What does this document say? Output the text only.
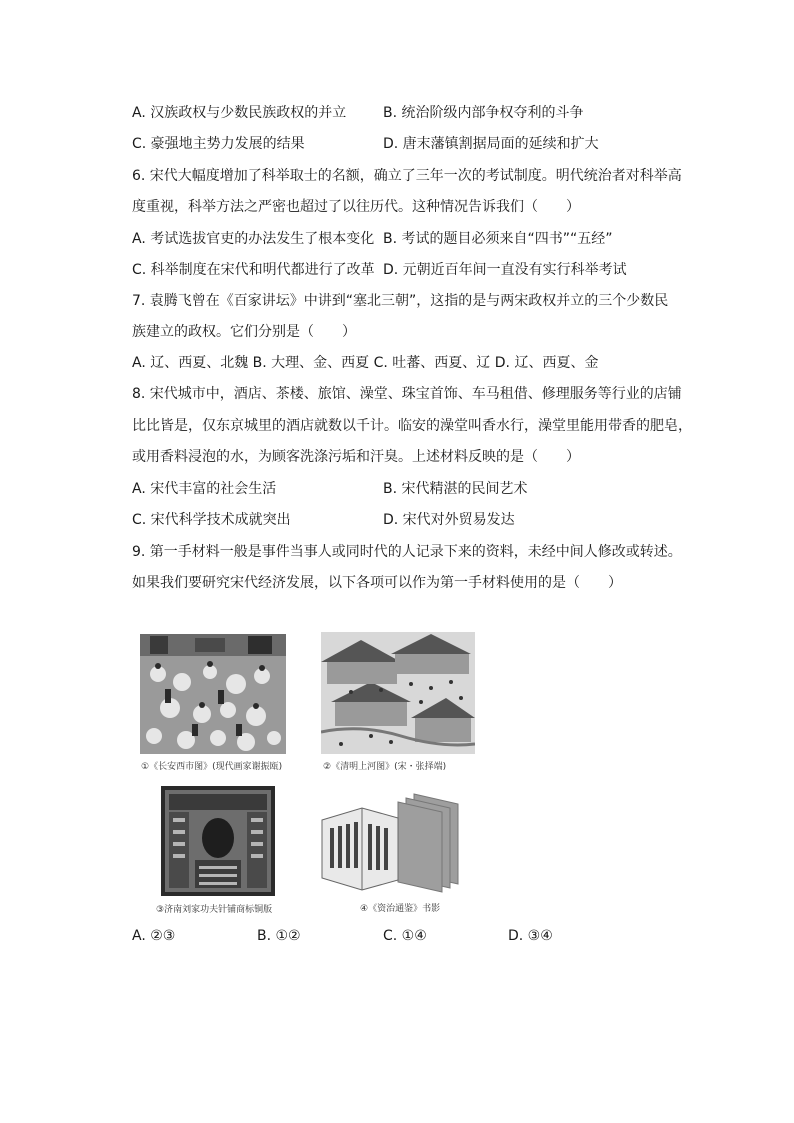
A. 汉族政权与少数民族政权的并立	B. 统治阶级内部争权夺利的斗争
C. 豪强地主势力发展的结果	D. 唐末藩镇割据局面的延续和扩大
6. 宋代大幅度增加了科举取士的名额，确立了三年一次的考试制度。明代统治者对科举高
度重视，科举方法之严密也超过了以往历代。这种情况告诉我们（　　）
A. 考试选拔官吏的办法发生了根本变化 B. 考试的题目必须来自“四书”“五经”
C. 科举制度在宋代和明代都进行了改革 D. 元朝近百年间一直没有实行科举考试
7. 袁腾飞曾在《百家讲坛》中讲到“塞北三朝”，这指的是与两宋政权并立的三个少数民
族建立的政权。它们分别是（　　）
A. 辽、西夏、北魏 B. 大理、金、西夏 C. 吐蕃、西夏、辽 D. 辽、西夏、金
8. 宋代城市中，酒店、茶楼、旅馆、澡堂、珠宝首饰、车马租借、修理服务等行业的店铺
比比皆是，仅东京城里的酒店就数以千计。临安的澡堂叫香水行，澡堂里能用带香的肥皂，
或用香料浸泡的水，为顾客洗涤污垢和汗臭。上述材料反映的是（　　）
A. 宋代丰富的社会生活	B. 宋代精湛的民间艺术
C. 宋代科学技术成就突出	D. 宋代对外贸易发达
9. 第一手材料一般是事件当事人或同时代的人记录下来的资料，未经中间人修改或转述。
如果我们要研究宋代经济发展，以下各项可以作为第一手材料使用的是（　　）
①《长安西市图》(现代画家谢振瓯)	②《清明上河图》(宋・张择端)
③济南刘家功夫针铺商标铜版	④《资治通鉴》书影
A. ②③	B. ①②	C. ①④	D. ③④
